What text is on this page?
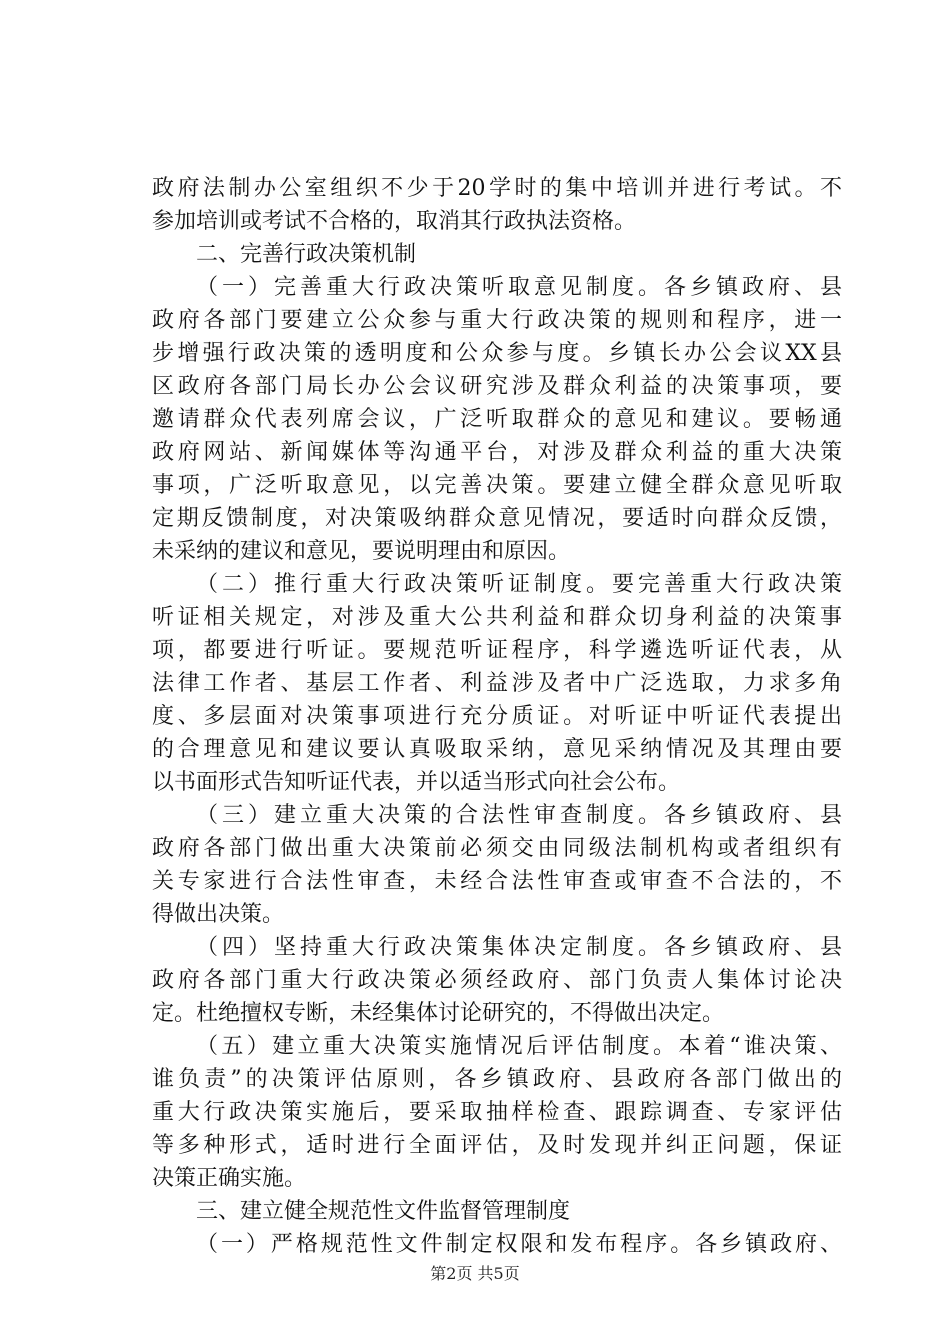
政府法制办公室组织不少于20学时的集中培训并进行考试。不
参加培训或考试不合格的，取消其行政执法资格。
二、完善行政决策机制
（一）完善重大行政决策听取意见制度。各乡镇政府、县
政府各部门要建立公众参与重大行政决策的规则和程序，进一
步增强行政决策的透明度和公众参与度。乡镇长办公会议XX县
区政府各部门局长办公会议研究涉及群众利益的决策事项，要
邀请群众代表列席会议，广泛听取群众的意见和建议。要畅通
政府网站、新闻媒体等沟通平台，对涉及群众利益的重大决策
事项，广泛听取意见，以完善决策。要建立健全群众意见听取
定期反馈制度，对决策吸纳群众意见情况，要适时向群众反馈，
未采纳的建议和意见，要说明理由和原因。
（二）推行重大行政决策听证制度。要完善重大行政决策
听证相关规定，对涉及重大公共利益和群众切身利益的决策事
项，都要进行听证。要规范听证程序，科学遴选听证代表，从
法律工作者、基层工作者、利益涉及者中广泛选取，力求多角
度、多层面对决策事项进行充分质证。对听证中听证代表提出
的合理意见和建议要认真吸取采纳，意见采纳情况及其理由要
以书面形式告知听证代表，并以适当形式向社会公布。
（三）建立重大决策的合法性审查制度。各乡镇政府、县
政府各部门做出重大决策前必须交由同级法制机构或者组织有
关专家进行合法性审查，未经合法性审查或审查不合法的，不
得做出决策。
（四）坚持重大行政决策集体决定制度。各乡镇政府、县
政府各部门重大行政决策必须经政府、部门负责人集体讨论决
定。杜绝擅权专断，未经集体讨论研究的，不得做出决定。
（五）建立重大决策实施情况后评估制度。本着“谁决策、
谁负责”的决策评估原则，各乡镇政府、县政府各部门做出的
重大行政决策实施后，要采取抽样检查、跟踪调查、专家评估
等多种形式，适时进行全面评估，及时发现并纠正问题，保证
决策正确实施。
三、建立健全规范性文件监督管理制度
（一）严格规范性文件制定权限和发布程序。各乡镇政府、
第2页 共5页
